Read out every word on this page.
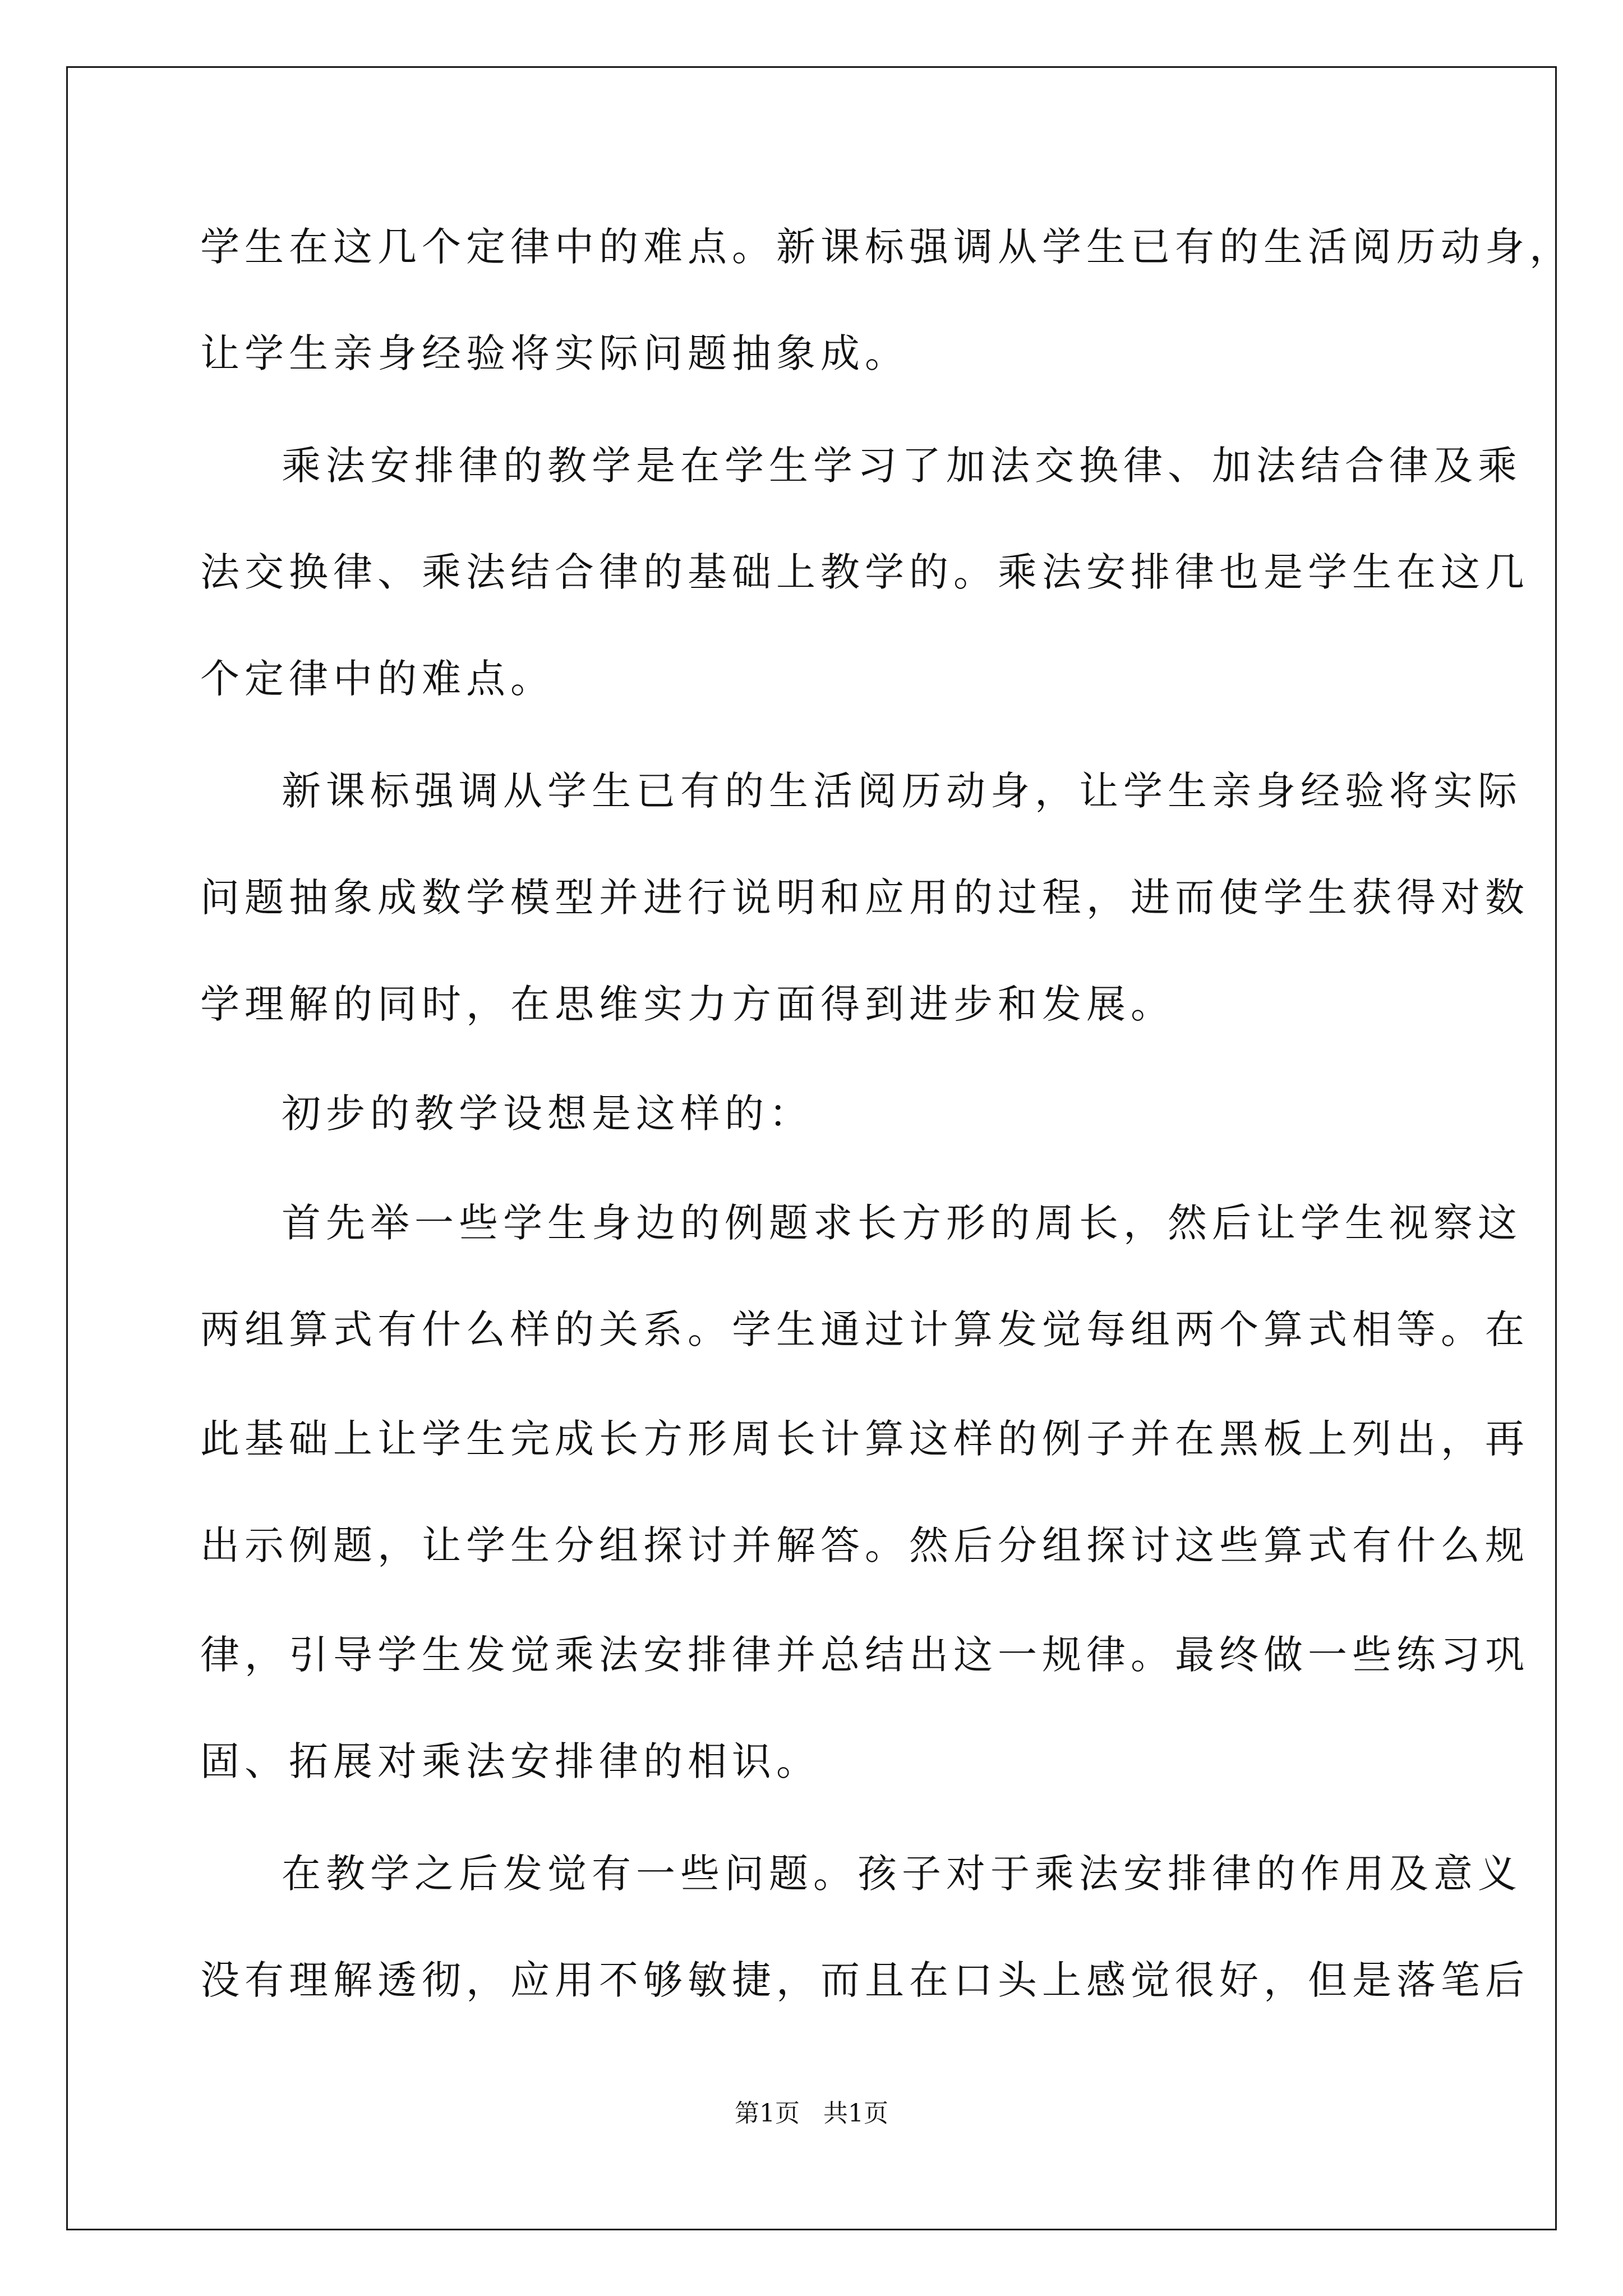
学生在这几个定律中的难点。新课标强调从学生已有的生活阅历动身，
让学生亲身经验将实际问题抽象成。
乘法安排律的教学是在学生学习了加法交换律、加法结合律及乘
法交换律、乘法结合律的基础上教学的。乘法安排律也是学生在这几
个定律中的难点。
新课标强调从学生已有的生活阅历动身，让学生亲身经验将实际
问题抽象成数学模型并进行说明和应用的过程，进而使学生获得对数
学理解的同时，在思维实力方面得到进步和发展。
初步的教学设想是这样的：
首先举一些学生身边的例题求长方形的周长，然后让学生视察这
两组算式有什么样的关系。学生通过计算发觉每组两个算式相等。在
此基础上让学生完成长方形周长计算这样的例子并在黑板上列出，再
出示例题，让学生分组探讨并解答。然后分组探讨这些算式有什么规
律，引导学生发觉乘法安排律并总结出这一规律。最终做一些练习巩
固、拓展对乘法安排律的相识。
在教学之后发觉有一些问题。孩子对于乘法安排律的作用及意义
没有理解透彻，应用不够敏捷，而且在口头上感觉很好，但是落笔后
第1页   共1页
